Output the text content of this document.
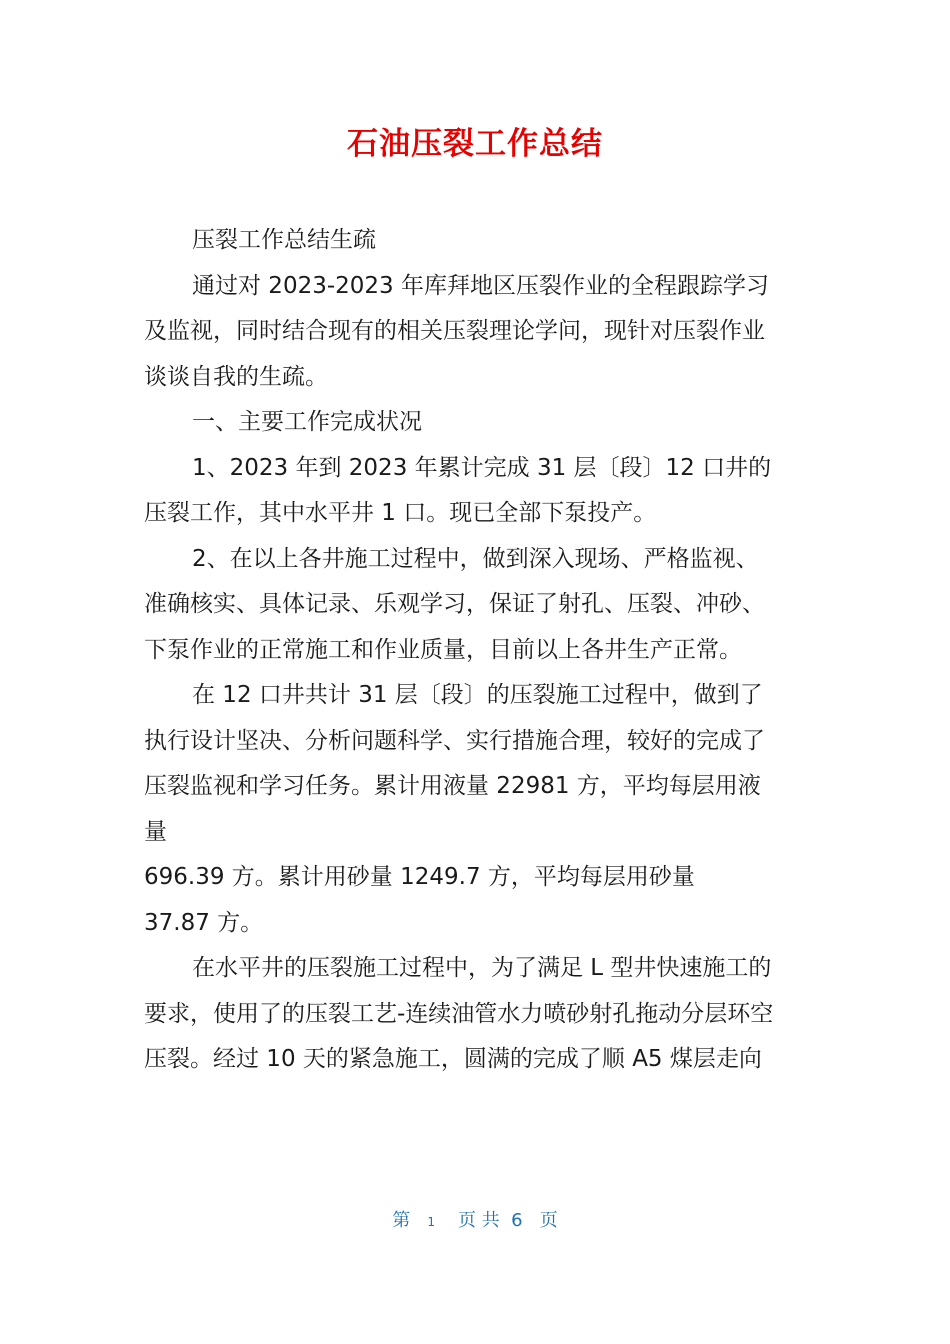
石油压裂工作总结
压裂工作总结生疏
通过对 2023-2023 年库拜地区压裂作业的全程跟踪学习
及监视，同时结合现有的相关压裂理论学问，现针对压裂作业
谈谈自我的生疏。
一、主要工作完成状况
1、2023 年到 2023 年累计完成 31 层〔段〕12 口井的
压裂工作，其中水平井 1 口。现已全部下泵投产。
2、在以上各井施工过程中，做到深入现场、严格监视、
准确核实、具体记录、乐观学习，保证了射孔、压裂、冲砂、
下泵作业的正常施工和作业质量，目前以上各井生产正常。
在 12 口井共计 31 层〔段〕的压裂施工过程中，做到了
执行设计坚决、分析问题科学、实行措施合理，较好的完成了
压裂监视和学习任务。累计用液量 22981 方，平均每层用液
量
696.39 方。累计用砂量 1249.7 方，平均每层用砂量
37.87 方。
在水平井的压裂施工过程中，为了满足 L 型井快速施工的
要求，使用了的压裂工艺-连续油管水力喷砂射孔拖动分层环空
压裂。经过 10 天的紧急施工，圆满的完成了顺 A5 煤层走向
第 1 页 共 6 页
